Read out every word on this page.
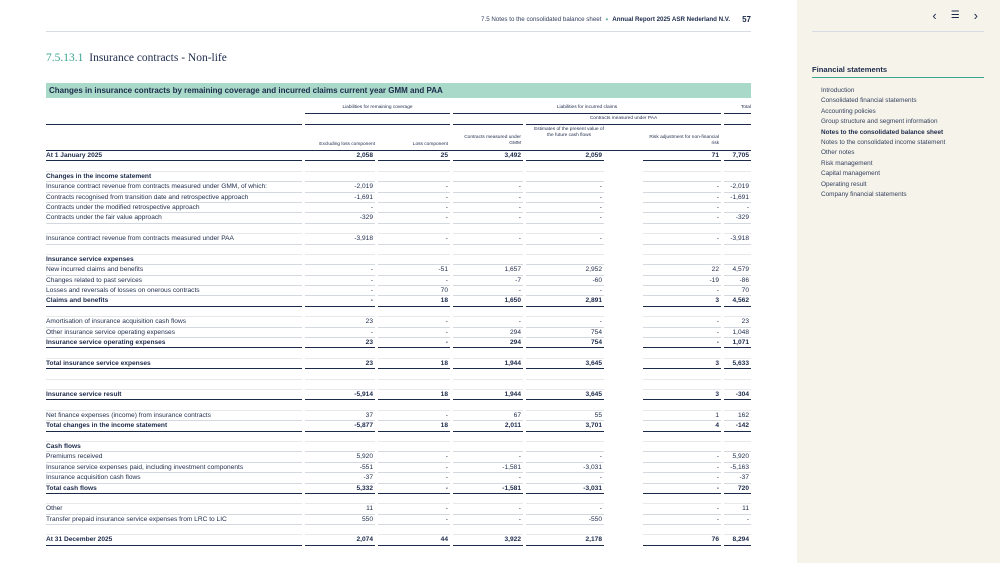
7.5 Notes to the consolidated balance sheet • Annual Report 2025 ASR Nederland N.V. 57
7.5.13.1 Insurance contracts - Non-life
Changes in insurance contracts by remaining coverage and incurred claims current year GMM and PAA
Liabilities for remaining coverage	Liabilities for incurred claims	Total
Contracts measured under PAA
Excluding loss component	Loss component
Contracts measured under GMM
Estimates of the present value of the future cash flows	Risk adjustment for non-financial risk
At 1 January 2025	2,058	25	3,492	2,059	71	7,705
Changes in the income statement
Insurance contract revenue from contracts measured under GMM, of which:	-2,019	-	-	-	-	-2,019
Contracts recognised from transition date and retrospective approach	-1,691	-	-	-	-	-1,691
Contracts under the modified retrospective approach	-	-	-	-	-	-
Contracts under the fair value approach	-329	-	-	-	-	-329
Insurance contract revenue from contracts measured under PAA	-3,918	-	-	-	-	-3,918
Insurance service expenses
New incurred claims and benefits	-	-51	1,657	2,952	22	4,579
Changes related to past services	-	-	-7	-60	-19	-86
Losses and reversals of losses on onerous contracts	-	70	-	-	-	70
Claims and benefits	-	18	1,650	2,891	3	4,562
Amortisation of insurance acquisition cash flows	23	-	-	-	-	23
Other insurance service operating expenses	-	-	294	754	-	1,048
Insurance service operating expenses	23	-	294	754	-	1,071
Total insurance service expenses	23	18	1,944	3,645	3	5,633
Insurance service result	-5,914	18	1,944	3,645	3	-304
Net finance expenses (income) from insurance contracts	37	-	67	55	1	162
Total changes in the income statement	-5,877	18	2,011	3,701	4	-142
Cash flows
Premiums received	5,920	-	-	-	-	5,920
Insurance service expenses paid, including investment components	-551	-	-1,581	-3,031	-	-5,163
Insurance acquisition cash flows	-37	-	-	-	-	-37
Total cash flows	5,332	-	-1,581	-3,031	-	720
Other	11	-	-	-	-	11
Transfer prepaid insurance service expenses from LRC to LIC	550	-	-	-550	-	-
At 31 December 2025	2,074	44	3,922	2,178	76	8,294
‹ ☰ ›
Financial statements
Introduction
Consolidated financial statements
Accounting policies
Group structure and segment information
Notes to the consolidated balance sheet
Notes to the consolidated income statement
Other notes
Risk management
Capital management
Operating result
Company financial statements
